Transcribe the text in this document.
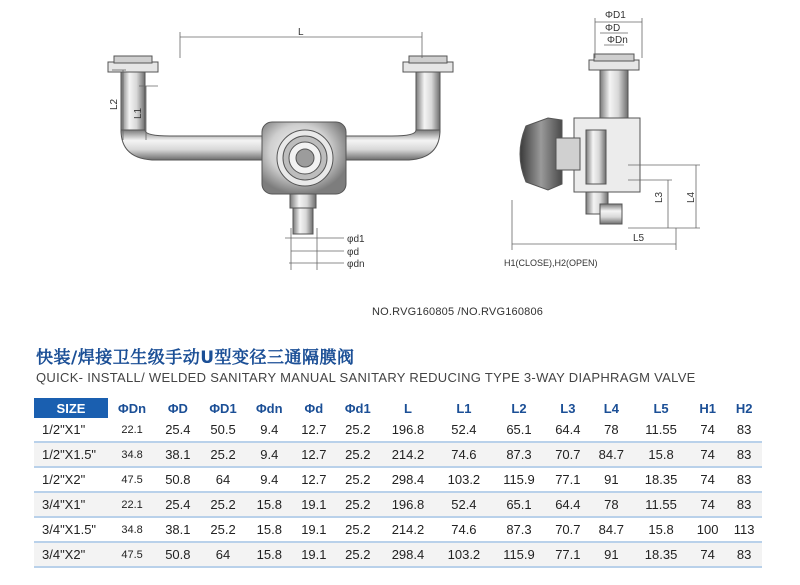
L
L2
L1
φd1
φd
φdn
ΦD1
ΦD
ΦDn
L3 L4
L5
H1(CLOSE),H2(OPEN)
NO.RVG160805 /NO.RVG160806
快装/焊接卫生级手动U型变径三通隔膜阀
QUICK- INSTALL/ WELDED SANITARY MANUAL SANITARY REDUCING TYPE 3-WAY DIAPHRAGM VALVE
SIZE	ΦDn	ΦD	ΦD1	Φdn	Φd	Φd1	L	L1	L2	L3	L4	L5	H1	H2
1/2"X1"	22.1	25.4	50.5	9.4	12.7	25.2	196.8	52.4	65.1	64.4	78	11.55	74	83
1/2"X1.5"	34.8	38.1	25.2	9.4	12.7	25.2	214.2	74.6	87.3	70.7	84.7	15.8	74	83
1/2"X2"	47.5	50.8	64	9.4	12.7	25.2	298.4	103.2	115.9	77.1	91	18.35	74	83
3/4"X1"	22.1	25.4	25.2	15.8	19.1	25.2	196.8	52.4	65.1	64.4	78	11.55	74	83
3/4"X1.5"	34.8	38.1	25.2	15.8	19.1	25.2	214.2	74.6	87.3	70.7	84.7	15.8	100	113
3/4"X2"	47.5	50.8	64	15.8	19.1	25.2	298.4	103.2	115.9	77.1	91	18.35	74	83
